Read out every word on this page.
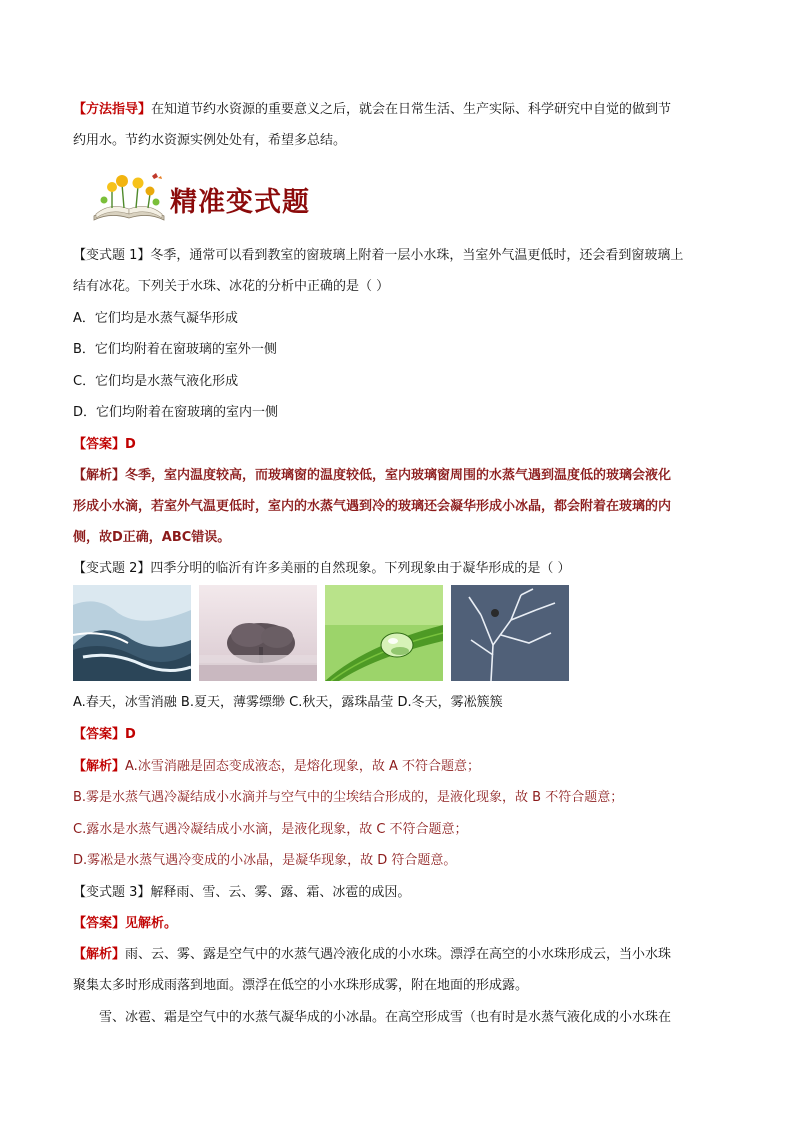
【方法指导】在知道节约水资源的重要意义之后，就会在日常生活、生产实际、科学研究中自觉的做到节
约用水。节约水资源实例处处有，希望多总结。
精准变式题
【变式题 1】冬季，通常可以看到教室的窗玻璃上附着一层小水珠，当室外气温更低时，还会看到窗玻璃上
结有冰花。下列关于水珠、冰花的分析中正确的是（ ）
A．它们均是水蒸气凝华形成
B．它们均附着在窗玻璃的室外一侧
C．它们均是水蒸气液化形成
D．它们均附着在窗玻璃的室内一侧
【答案】D
【解析】冬季，室内温度较高，而玻璃窗的温度较低，室内玻璃窗周围的水蒸气遇到温度低的玻璃会液化
形成小水滴，若室外气温更低时，室内的水蒸气遇到冷的玻璃还会凝华形成小冰晶，都会附着在玻璃的内
侧，故D正确，ABC错误。
【变式题 2】四季分明的临沂有许多美丽的自然现象。下列现象由于凝华形成的是（ ）
A.春天，冰雪消融 B.夏天，薄雾缥缈 C.秋天，露珠晶莹 D.冬天，雾凇簇簇
【答案】D
【解析】A.冰雪消融是固态变成液态，是熔化现象，故 A 不符合题意；
B.雾是水蒸气遇冷凝结成小水滴并与空气中的尘埃结合形成的，是液化现象，故 B 不符合题意；
C.露水是水蒸气遇冷凝结成小水滴，是液化现象，故 C 不符合题意；
D.雾凇是水蒸气遇冷变成的小冰晶，是凝华现象，故 D 符合题意。
【变式题 3】解释雨、雪、云、雾、露、霜、冰雹的成因。
【答案】见解析。
【解析】雨、云、雾、露是空气中的水蒸气遇冷液化成的小水珠。漂浮在高空的小水珠形成云，当小水珠
聚集太多时形成雨落到地面。漂浮在低空的小水珠形成雾，附在地面的形成露。
雪、冰雹、霜是空气中的水蒸气凝华成的小冰晶。在高空形成雪（也有时是水蒸气液化成的小水珠在
